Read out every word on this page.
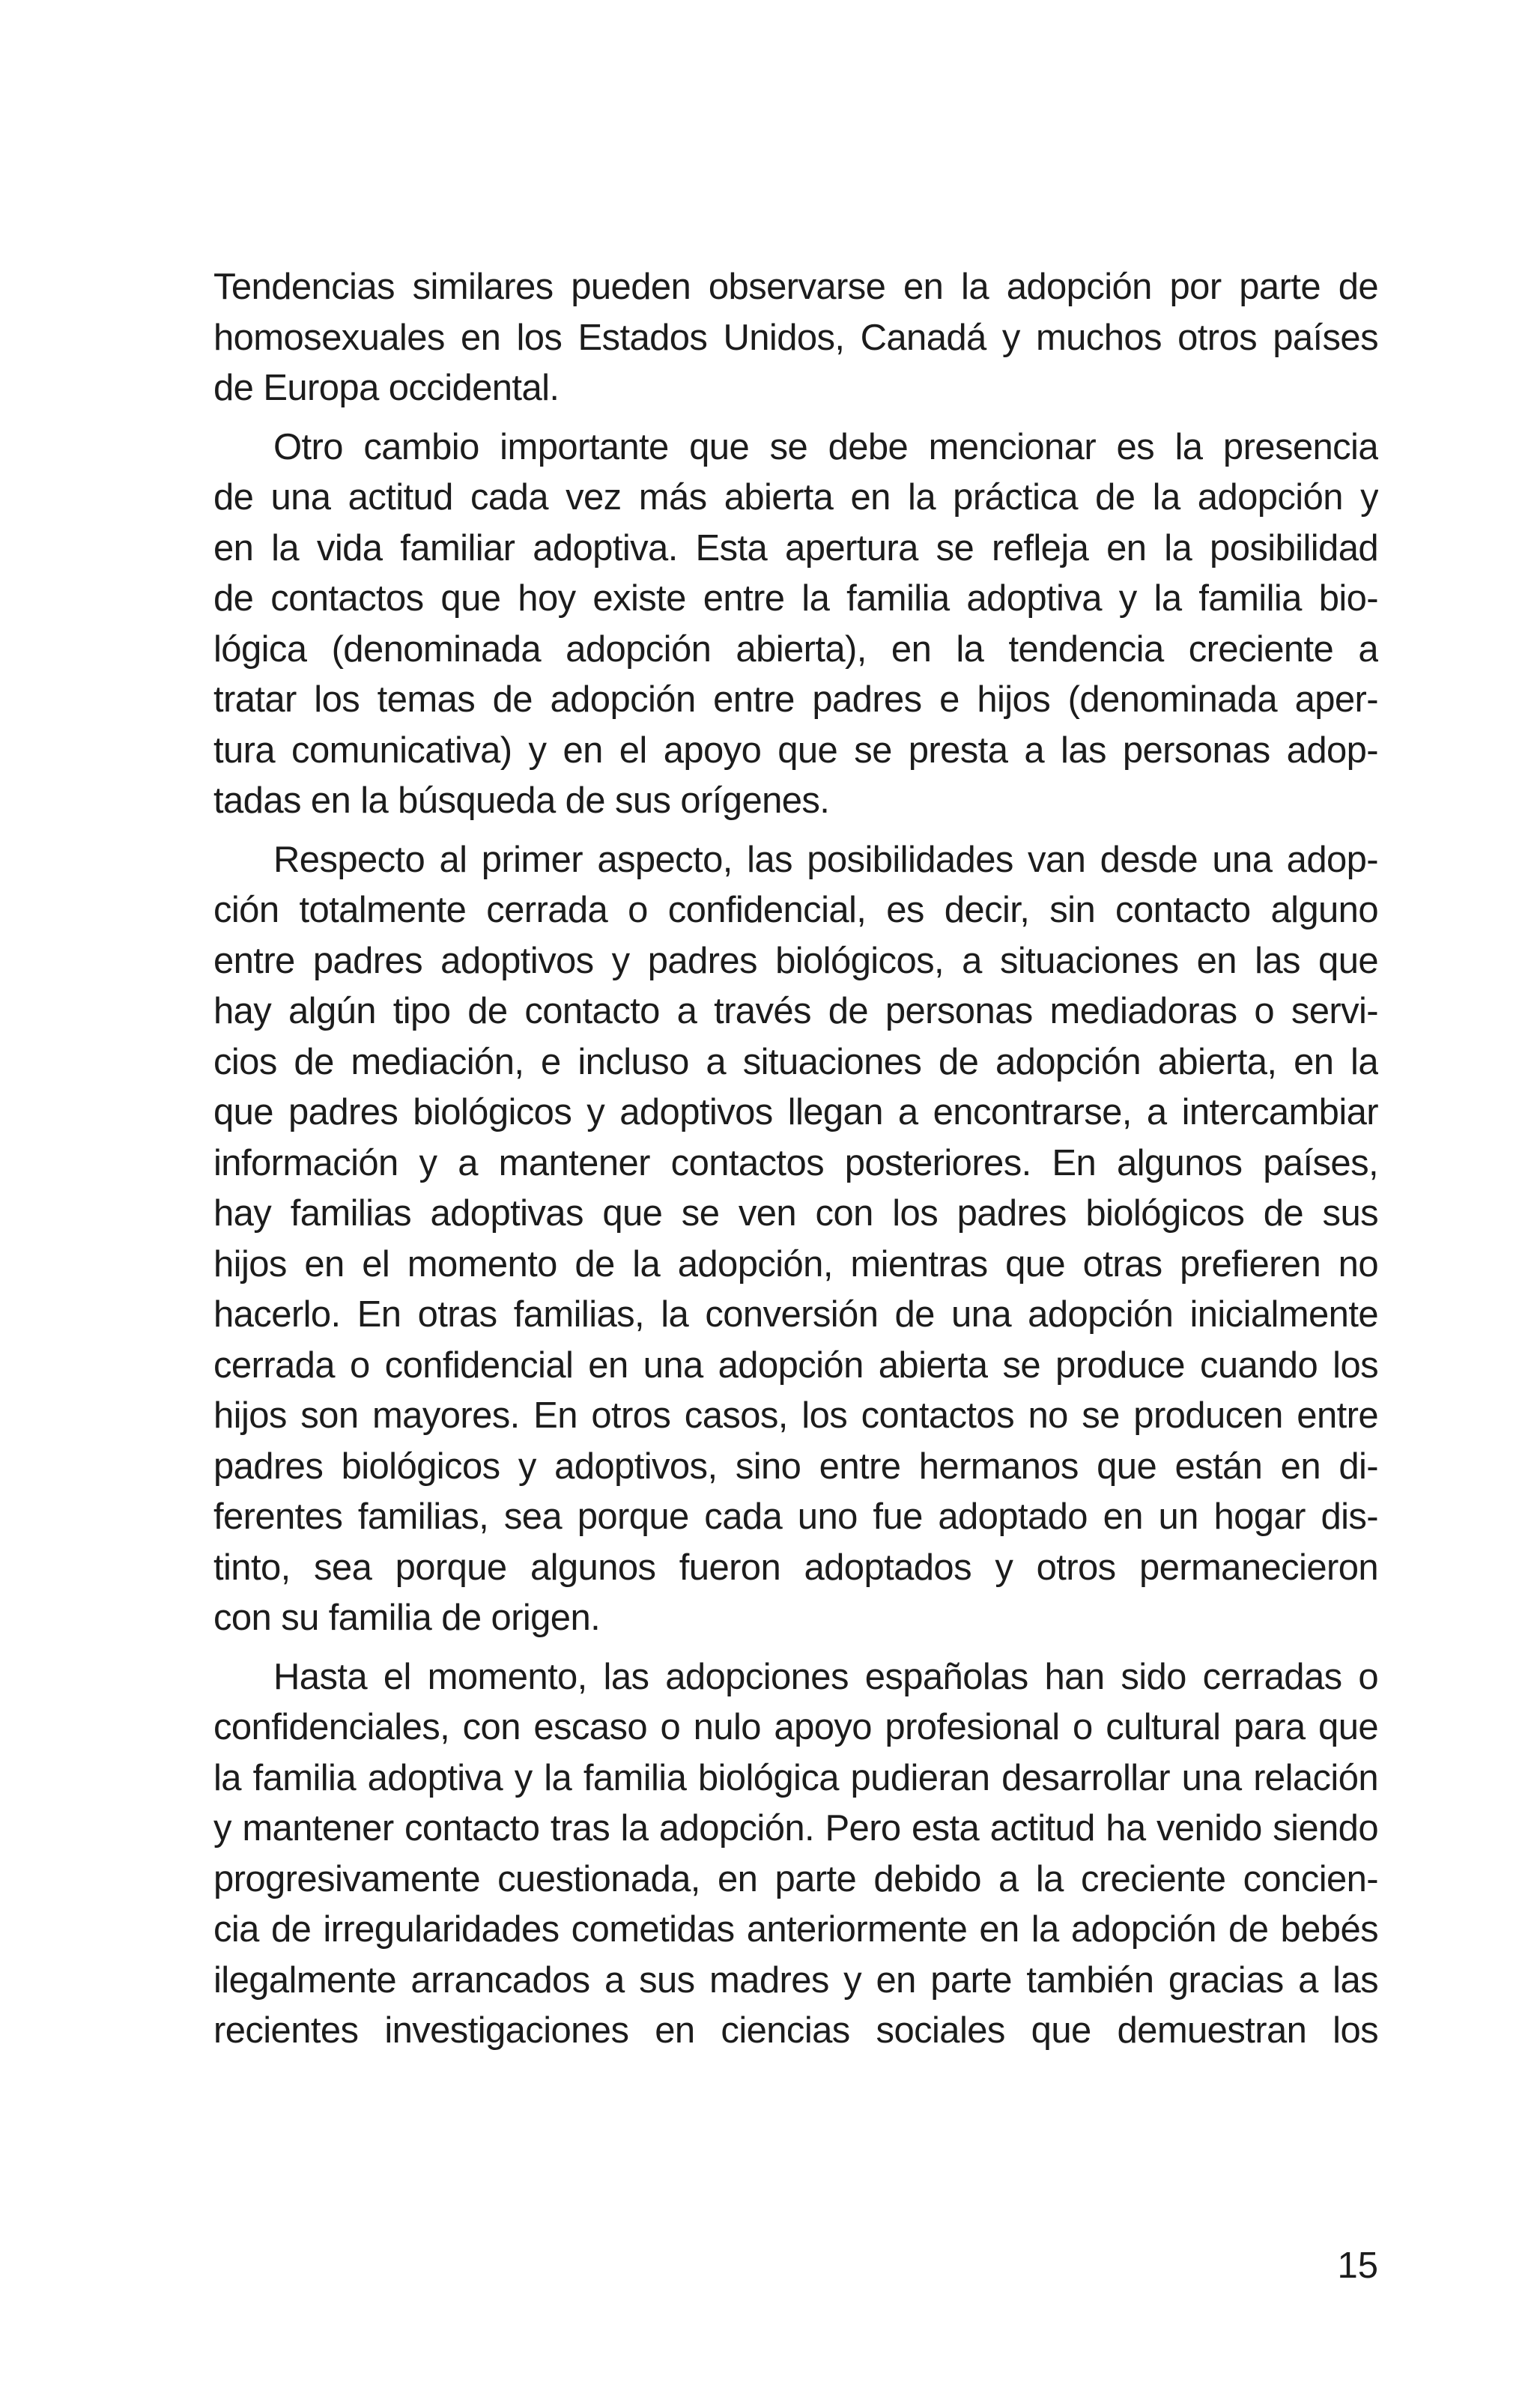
Tendencias similares pueden observarse en la adopción por parte de
homosexuales en los Estados Unidos, Canadá y muchos otros países
de Europa occidental.
Otro cambio importante que se debe mencionar es la presencia
de una actitud cada vez más abierta en la práctica de la adopción y
en la vida familiar adoptiva. Esta apertura se refleja en la posibilidad
de contactos que hoy existe entre la familia adoptiva y la familia bio-
lógica (denominada adopción abierta), en la tendencia creciente a
tratar los temas de adopción entre padres e hijos (denominada aper-
tura comunicativa) y en el apoyo que se presta a las personas adop-
tadas en la búsqueda de sus orígenes.
Respecto al primer aspecto, las posibilidades van desde una adop-
ción totalmente cerrada o confidencial, es decir, sin contacto alguno
entre padres adoptivos y padres biológicos, a situaciones en las que
hay algún tipo de contacto a través de personas mediadoras o servi-
cios de mediación, e incluso a situaciones de adopción abierta, en la
que padres biológicos y adoptivos llegan a encontrarse, a intercambiar
información y a mantener contactos posteriores. En algunos países,
hay familias adoptivas que se ven con los padres biológicos de sus
hijos en el momento de la adopción, mientras que otras prefieren no
hacerlo. En otras familias, la conversión de una adopción inicialmente
cerrada o confidencial en una adopción abierta se produce cuando los
hijos son mayores. En otros casos, los contactos no se producen entre
padres biológicos y adoptivos, sino entre hermanos que están en di-
ferentes familias, sea porque cada uno fue adoptado en un hogar dis-
tinto, sea porque algunos fueron adoptados y otros permanecieron
con su familia de origen.
Hasta el momento, las adopciones españolas han sido cerradas o
confidenciales, con escaso o nulo apoyo profesional o cultural para que
la familia adoptiva y la familia biológica pudieran desarrollar una relación
y mantener contacto tras la adopción. Pero esta actitud ha venido siendo
progresivamente cuestionada, en parte debido a la creciente concien-
cia de irregularidades cometidas anteriormente en la adopción de bebés
ilegalmente arrancados a sus madres y en parte también gracias a las
recientes investigaciones en ciencias sociales que demuestran los
15
